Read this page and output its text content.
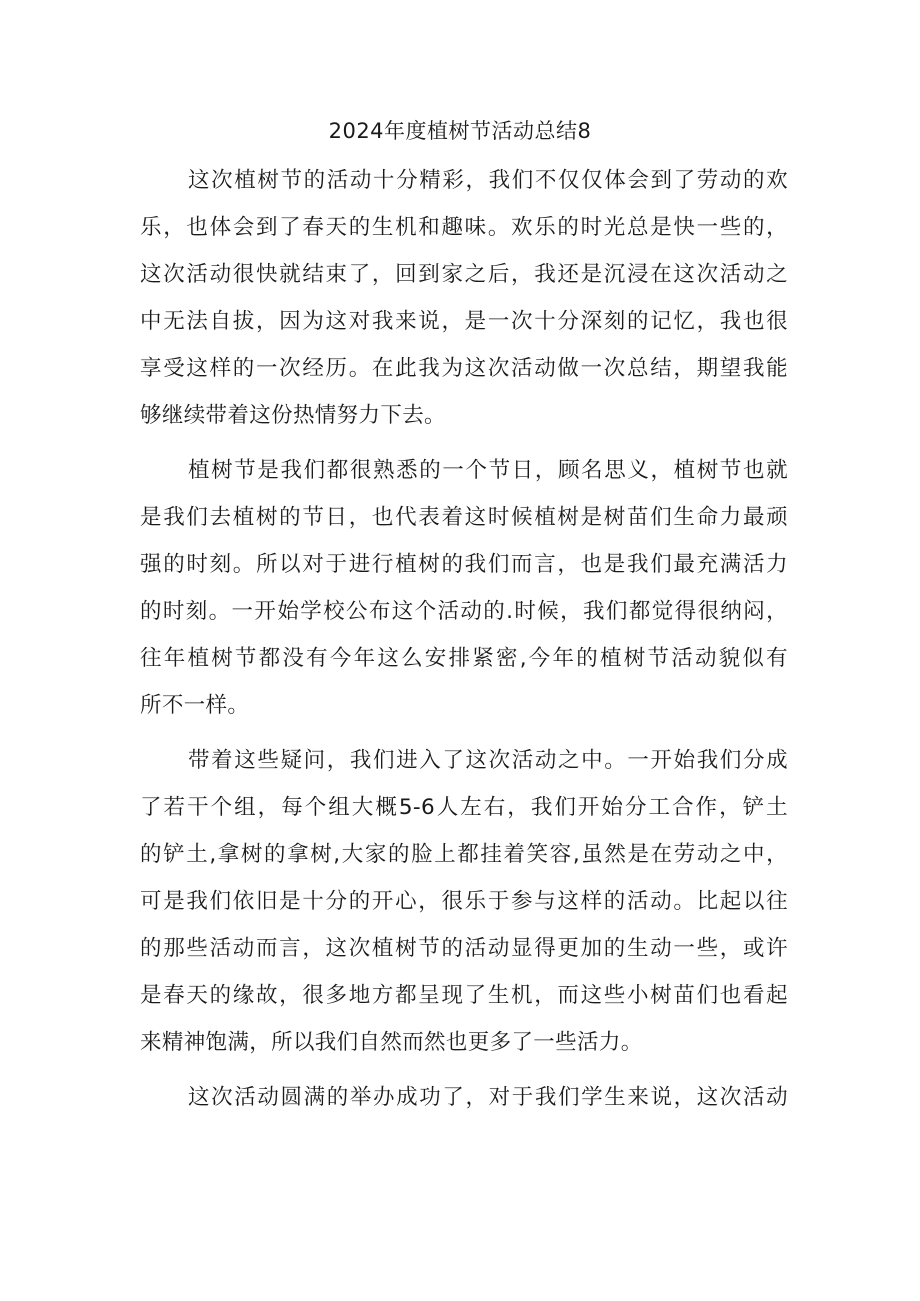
2024年度植树节活动总结8
这次植树节的活动十分精彩，我们不仅仅体会到了劳动的欢
乐，也体会到了春天的生机和趣味。欢乐的时光总是快一些的，
这次活动很快就结束了，回到家之后，我还是沉浸在这次活动之
中无法自拔，因为这对我来说，是一次十分深刻的记忆，我也很
享受这样的一次经历。在此我为这次活动做一次总结，期望我能
够继续带着这份热情努力下去。
植树节是我们都很熟悉的一个节日，顾名思义，植树节也就
是我们去植树的节日，也代表着这时候植树是树苗们生命力最顽
强的时刻。所以对于进行植树的我们而言，也是我们最充满活力
的时刻。一开始学校公布这个活动的.时候，我们都觉得很纳闷，
往年植树节都没有今年这么安排紧密,今年的植树节活动貌似有
所不一样。
带着这些疑问，我们进入了这次活动之中。一开始我们分成
了若干个组，每个组大概5-6人左右，我们开始分工合作，铲土
的铲土,拿树的拿树,大家的脸上都挂着笑容,虽然是在劳动之中，
可是我们依旧是十分的开心，很乐于参与这样的活动。比起以往
的那些活动而言，这次植树节的活动显得更加的生动一些，或许
是春天的缘故，很多地方都呈现了生机，而这些小树苗们也看起
来精神饱满，所以我们自然而然也更多了一些活力。
这次活动圆满的举办成功了，对于我们学生来说，这次活动
